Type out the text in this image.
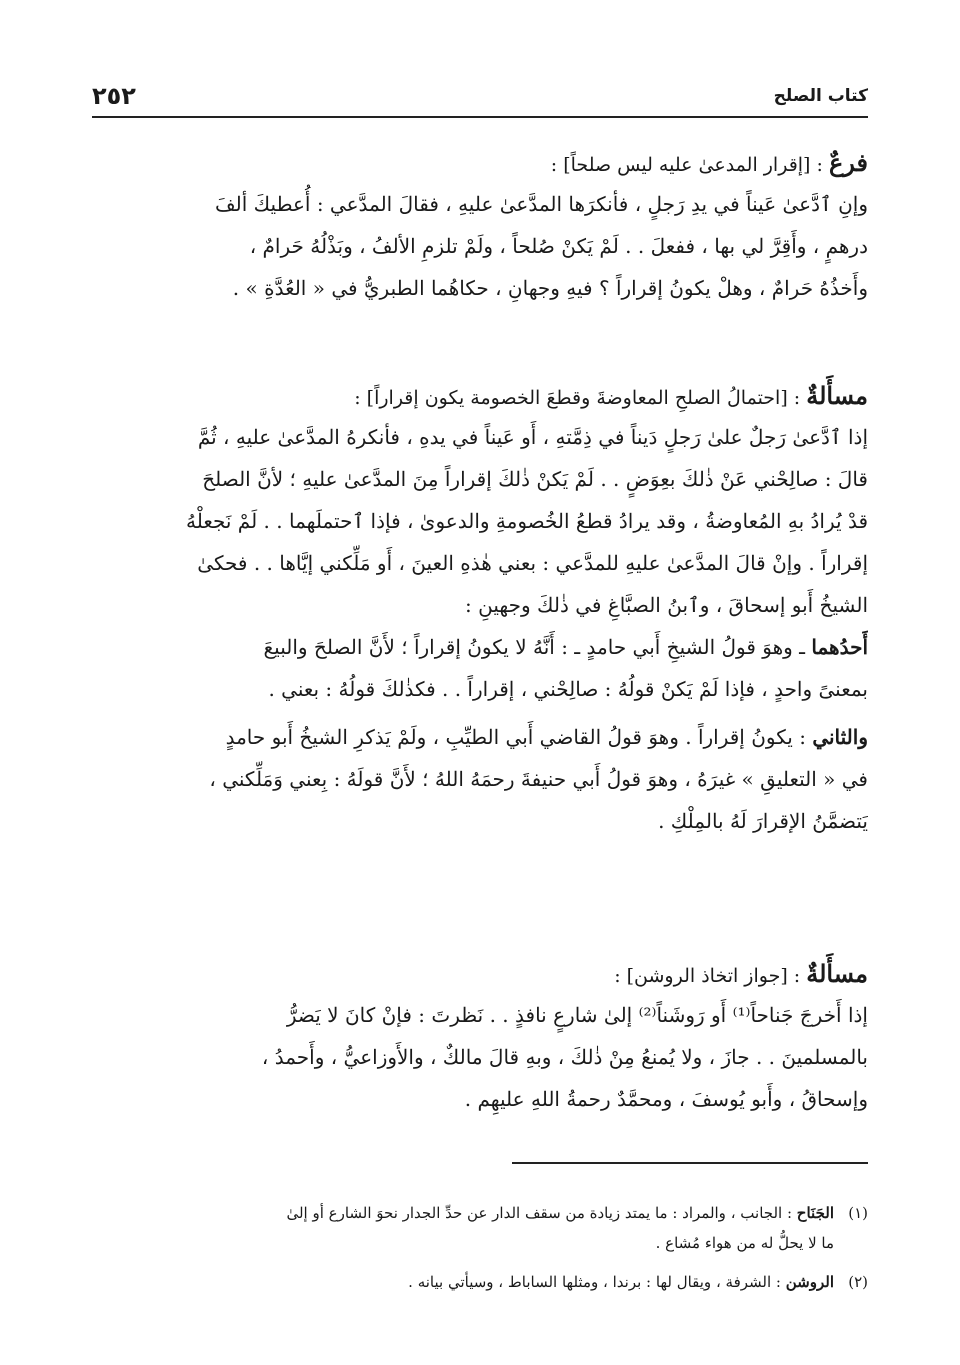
كتاب الصلح
٢٥٢
فرعٌ : [إقرار المدعىٰ عليه ليس صلحاً] :
وإنِ ٱدَّعىٰ عَيناً في يدِ رَجلٍ ، فأنكرَها المدَّعىٰ عليهِ ، فقالَ المدَّعي : أُعطيكَ ألفَ
درهمٍ ، وأَقِرَّ لي بها ، ففعلَ . . لَمْ يَكنْ صُلحاً ، ولَمْ تلزمِ الألفُ ، وبَذْلُهُ حَرامٌ ،
وأَخذُهُ حَرامٌ ، وهلْ يكونُ إقراراً ؟ فيهِ وجهانِ ، حكاهُما الطبريُّ في « العُدَّةِ » .
مسأَلةٌ : [احتمالُ الصلحِ المعاوضةَ وقطعَ الخصومة يكون إقراراً] :
إذا ٱدَّعىٰ رَجلٌ علىٰ رَجلٍ دَيناً في ذِمَّتهِ ، أَو عَيناً في يدهِ ، فأنكرهُ المدَّعىٰ عليهِ ، ثُمَّ
قالَ : صالِحْني عَنْ ذٰلكَ بعِوَضٍ . . لَمْ يَكنْ ذٰلكَ إقراراً مِنَ المدَّعىٰ عليهِ ؛ لأنَّ الصلحَ
قدْ يُرادُ بهِ المُعاوضةُ ، وقد يرادُ قطعُ الخُصومةِ والدعوىٰ ، فإذا ٱحتملَهما . . لَمْ نَجعلْهُ
إقراراً . وإنْ قالَ المدَّعىٰ عليهِ للمدَّعي : بعني هٰذهِ العينَ ، أَو مَلِّكني إيَّاها . . فحكىٰ
الشيخُ أَبو إسحاقَ ، وٱبنُ الصبَّاغِ في ذٰلكَ وجهينِ :
أَحدُهما ـ وهوَ قولُ الشيخِ أَبي حامدٍ ـ : أَنَّهُ لا يكونُ إقراراً ؛ لأَنَّ الصلحَ والبيعَ
بمعنىً واحدٍ ، فإذا لَمْ يَكنْ قولُهُ : صالِحْني ، إقراراً . . فكذٰلكَ قولُهُ : بعني .
والثاني : يكونُ إقراراً . وهوَ قولُ القاضي أَبي الطيِّبِ ، ولَمْ يَذكرِ الشيخُ أَبو حامدٍ
في « التعليقِ » غيرَهُ ، وهوَ قولُ أَبي حنيفةَ رحمَهُ اللهُ ؛ لأَنَّ قولَهُ : بِعني وَمَلِّكني ،
يَتضمَّنُ الإقرارَ لَهُ بالمِلْكِ .
مسأَلةٌ : [جواز اتخاذ الروشن] :
إذا أَخرجَ جَناحاً⁽¹⁾ أَو رَوشَناً⁽²⁾ إلىٰ شارعٍ نافذٍ . . نَظرتَ : فإنْ كانَ لا يَضرُّ
بالمسلمينَ . . جازَ ، ولا يُمنعُ مِنْ ذٰلكَ ، وبهِ قالَ مالكٌ ، والأَوزاعيُّ ، وأَحمدُ ،
وإسحاقُ ، وأَبو يُوسفَ ، ومحمَّدٌ رحمةُ اللهِ عليهِم .
(١)الجَنَاح : الجانب ، والمراد : ما يمتد زيادة من سقف الدار عن حدِّ الجدار نحوَ الشارع أو إلىٰ
ما لا يحلُّ له من هواء مُشاع .
(٢)الروشن : الشرفة ، ويقال لها : برندا ، ومثلها الساباط ، وسيأتي بيانه .
